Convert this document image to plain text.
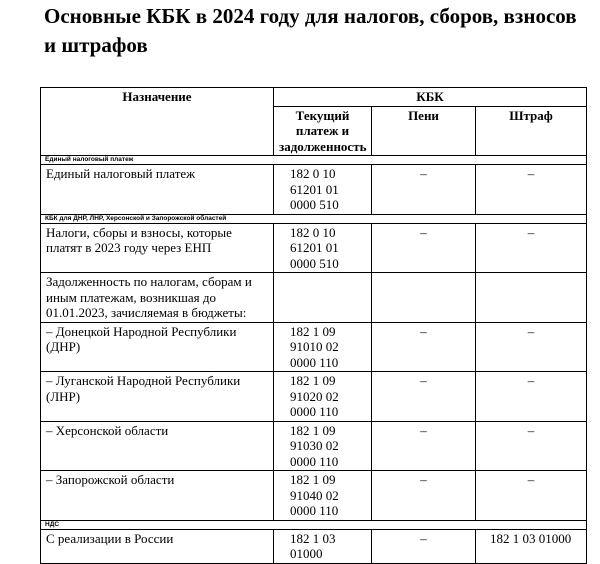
Основные КБК в 2024 году для налогов, сборов, взносов и штрафов
Назначение	КБК		
	Текущий платеж и задолженность	Пени	Штраф
Единый налоговый платеж			
Единый налоговый платеж	182 0 10 61201 01 0000 510	–	–
КБК для ДНР, ЛНР, Херсонской и Запорожской областей			
Налоги, сборы и взносы, которые платят в 2023 году через ЕНП	182 0 10 61201 01 0000 510	–	–
Задолженность по налогам, сборам и иным платежам, возникшая до 01.01.2023, зачисляемая в бюджеты:			
– Донецкой Народной Республики (ДНР)	182 1 09 91010 02 0000 110	–	–
– Луганской Народной Республики (ЛНР)	182 1 09 91020 02 0000 110	–	–
– Херсонской области	182 1 09 91030 02 0000 110	–	–
– Запорожской области	182 1 09 91040 02 0000 110	–	–
НДС			
С реализации в России	182 1 03 01000	–	182 1 03 01000
